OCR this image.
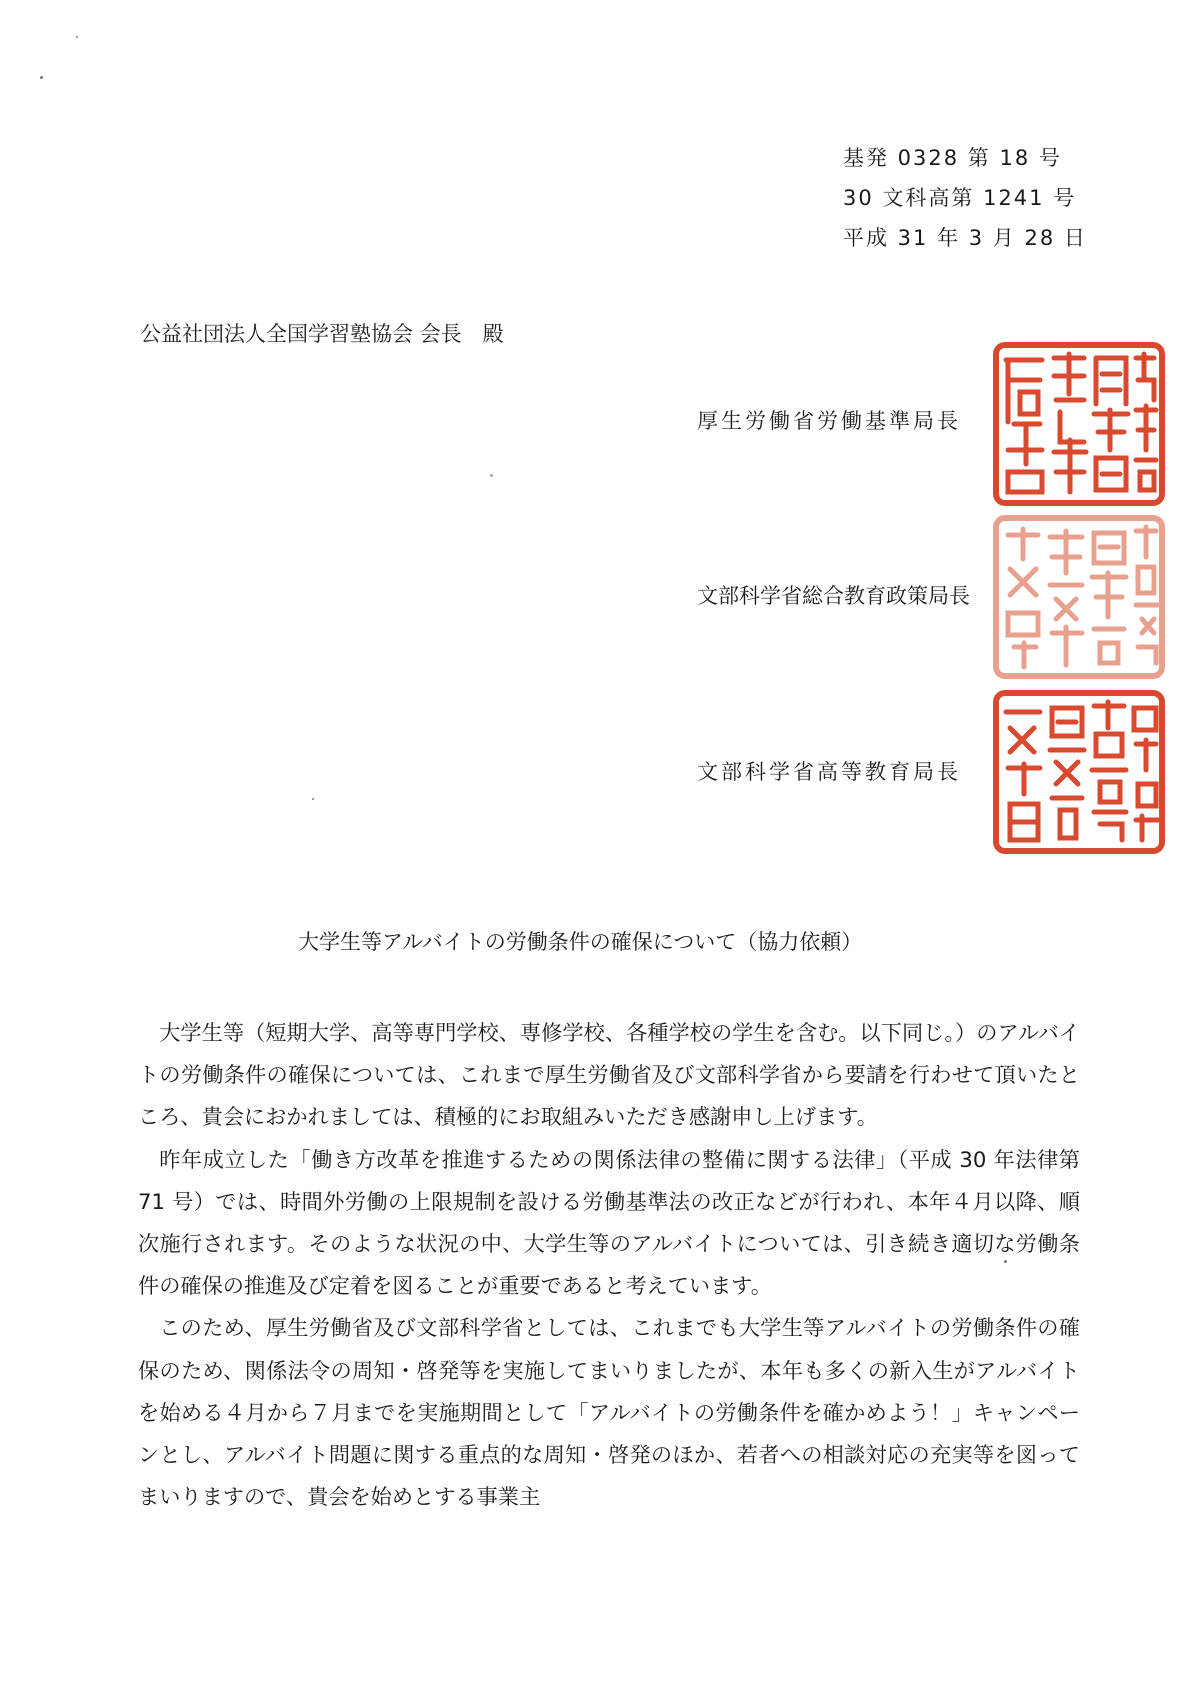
基発 0328 第 18 号
30 文科高第 1241 号
平成 31 年 3 月 28 日
公益社団法人全国学習塾協会 会長　殿
厚生労働省労働基準局長
文部科学省総合教育政策局長
文部科学省高等教育局長
大学生等アルバイトの労働条件の確保について（協力依頼）

大学生等（短期大学、高等専門学校、専修学校、各種学校の学生を含む。以下同じ。）のアルバイトの労働条件の確保については、これまで厚生労働省及び文部科学省から要請を行わせて頂いたところ、貴会におかれましては、積極的にお取組みいただき感謝申し上げます。

昨年成立した「働き方改革を推進するための関係法律の整備に関する法律」（平成 30 年法律第 71 号）では、時間外労働の上限規制を設ける労働基準法の改正などが行われ、本年４月以降、順次施行されます。そのような状況の中、大学生等のアルバイトについては、引き続き適切な労働条件の確保の推進及び定着を図ることが重要であると考えています。

このため、厚生労働省及び文部科学省としては、これまでも大学生等アルバイトの労働条件の確保のため、関係法令の周知・啓発等を実施してまいりましたが、本年も多くの新入生がアルバイトを始める４月から７月までを実施期間として「アルバイトの労働条件を確かめよう！」キャンペーンとし、アルバイト問題に関する重点的な周知・啓発のほか、若者への相談対応の充実等を図ってまいりますので、貴会を始めとする事業主
